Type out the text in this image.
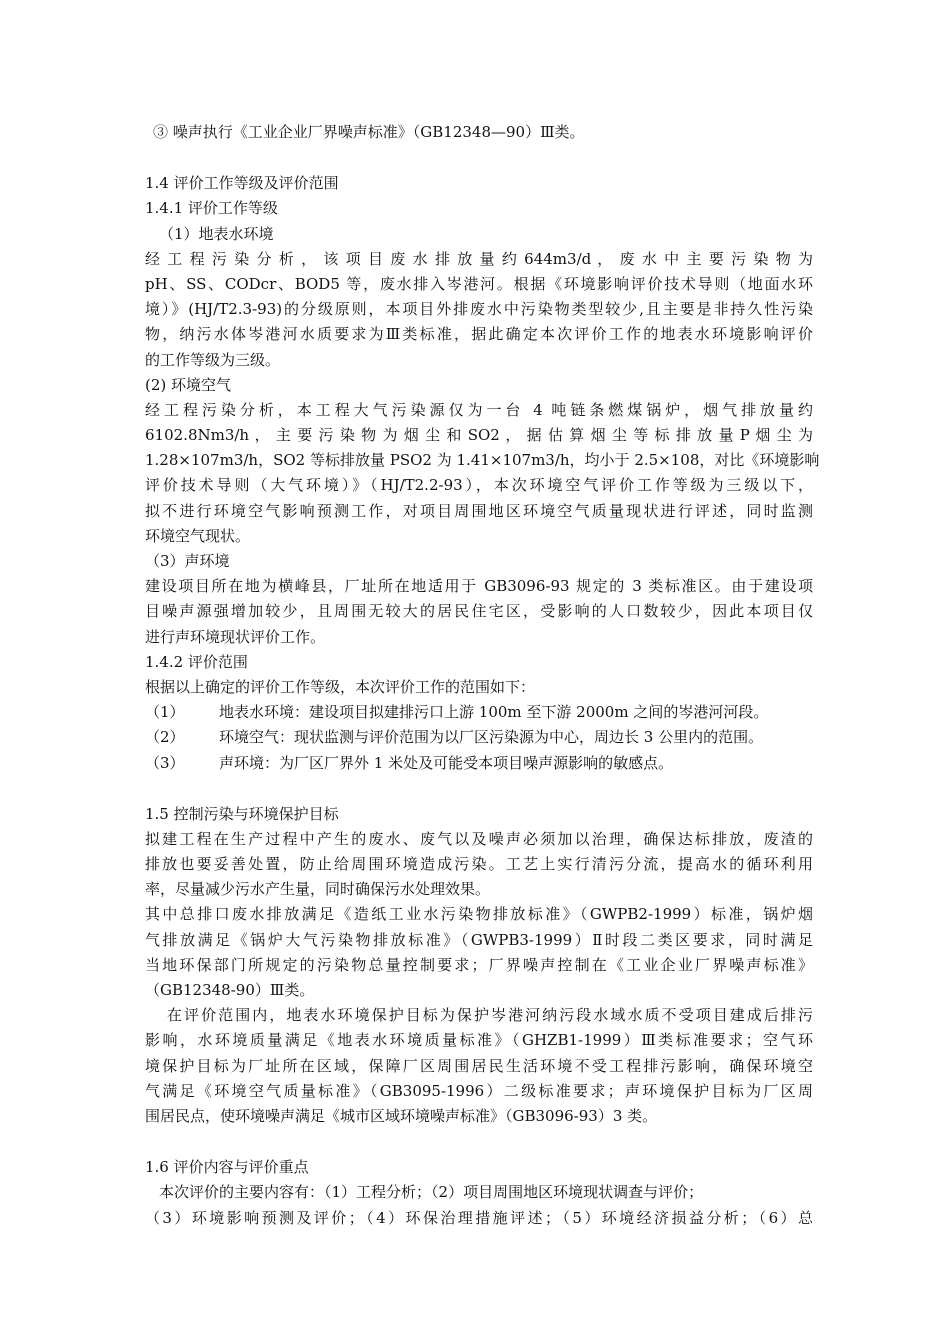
③ 噪声执行《工业企业厂界噪声标准》（GB12348—90）Ⅲ类。
1.4 评价工作等级及评价范围
1.4.1 评价工作等级
（1）地表水环境
经 工 程 污 染 分 析 ， 该 项 目 废 水 排 放 量 约 644m3/d ， 废 水 中 主 要 污 染 物 为
pH、SS、CODcr、BOD5 等，废水排入岑港河。根据《环境影响评价技术导则（地面水环
境）》(HJ/T2.3-93)的分级原则，本项目外排废水中污染物类型较少,且主要是非持久性污染
物，纳污水体岑港河水质要求为Ⅲ类标准，据此确定本次评价工作的地表水环境影响评价
的工作等级为三级。
(2) 环境空气
经工程污染分析，本工程大气污染源仅为一台 4 吨链条燃煤锅炉，烟气排放量约
6102.8Nm3/h ， 主 要 污 染 物 为 烟 尘 和 SO2 ， 据 估 算 烟 尘 等 标 排 放 量 P 烟 尘 为
1.28×107m3/h，SO2 等标排放量 PSO2 为 1.41×107m3/h，均小于 2.5×108，对比《环境影响
评价技术导则（大气环境）》（HJ/T2.2-93），本次环境空气评价工作等级为三级以下，
拟不进行环境空气影响预测工作，对项目周围地区环境空气质量现状进行评述，同时监测
环境空气现状。
（3）声环境
建设项目所在地为横峰县，厂址所在地适用于 GB3096-93 规定的 3 类标准区。由于建设项
目噪声源强增加较少，且周围无较大的居民住宅区，受影响的人口数较少，因此本项目仅
进行声环境现状评价工作。
1.4.2 评价范围
根据以上确定的评价工作等级，本次评价工作的范围如下：
（1）	地表水环境：建设项目拟建排污口上游 100m 至下游 2000m 之间的岑港河河段。
（2）	环境空气：现状监测与评价范围为以厂区污染源为中心，周边长 3 公里内的范围。
（3）	声环境：为厂区厂界外 1 米处及可能受本项目噪声源影响的敏感点。
1.5 控制污染与环境保护目标
拟建工程在生产过程中产生的废水、废气以及噪声必须加以治理，确保达标排放，废渣的
排放也要妥善处置，防止给周围环境造成污染。工艺上实行清污分流，提高水的循环利用
率，尽量减少污水产生量，同时确保污水处理效果。
其中总排口废水排放满足《造纸工业水污染物排放标准》（GWPB2-1999）标准，锅炉烟
气排放满足《锅炉大气污染物排放标准》（GWPB3-1999）Ⅱ时段二类区要求，同时满足
当地环保部门所规定的污染物总量控制要求；厂界噪声控制在《工业企业厂界噪声标准》
（GB12348-90）Ⅲ类。
在评价范围内，地表水环境保护目标为保护岑港河纳污段水域水质不受项目建成后排污
影响，水环境质量满足《地表水环境质量标准》（GHZB1-1999）Ⅲ类标准要求；空气环
境保护目标为厂址所在区域，保障厂区周围居民生活环境不受工程排污影响，确保环境空
气满足《环境空气质量标准》（GB3095-1996）二级标准要求；声环境保护目标为厂区周
围居民点，使环境噪声满足《城市区域环境噪声标准》（GB3096-93）3 类。
1.6 评价内容与评价重点
本次评价的主要内容有：（1）工程分析；（2）项目周围地区环境现状调查与评价；
（3）环境影响预测及评价；（4）环保治理措施评述；（5）环境经济损益分析；（6）总
